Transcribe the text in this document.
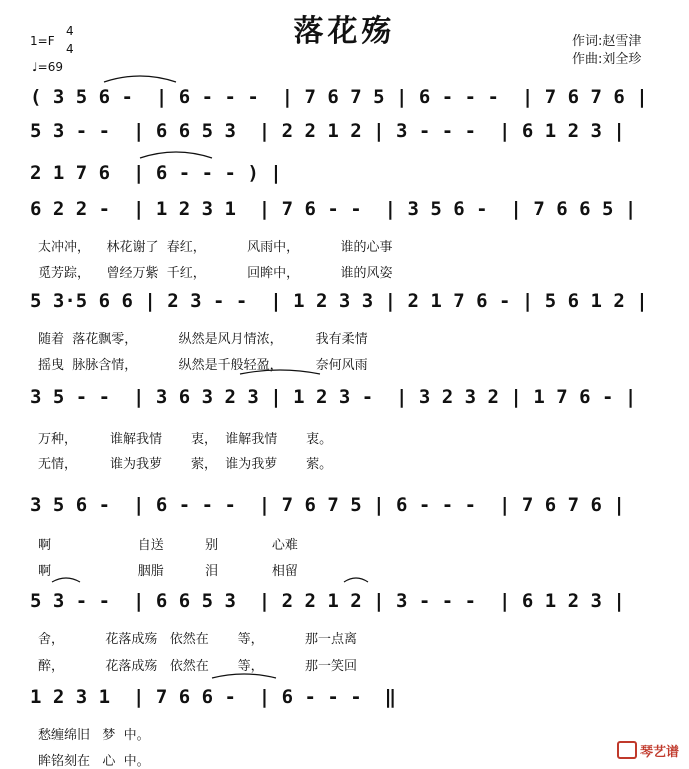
落花殇
1=F
4
4
♩=69
作词:赵雪津
作曲:刘全珍
( 3 5 6 -  | 6 - - -  | 7 6 7 5 | 6 - - -  | 7 6 7 6 |
5 3 - -  | 6 6 5 3  | 2 2 1 2 | 3 - - -  | 6 1 2 3 |
2 1 7 6  | 6 - - - ) |
6 2 2 -  | 1 2 3 1  | 7 6 - -  | 3 5 6 -  | 7 6 6 5 |
太冲冲，    林花谢了  春红，          风雨中，          谁的心事
觅芳踪，    曾经万紫  千红，          回眸中，          谁的风姿
5 3·5 6 6 | 2 3 - -  | 1 2 3 3 | 2 1 7 6 - | 5 6 1 2 |
随着  落花飘零，          纵然是风月情浓，        我有柔情
摇曳  脉脉含情，          纵然是千般轻盈，        奈何风雨
3 5 - -  | 3 6 3 2 3 | 1 2 3 -  | 3 2 3 2 | 1 7 6 - |
万种，        谁解我情       衷，  谁解我情       衷。
无情，        谁为我萝       萦，  谁为我萝       萦。
3 5 6 -  | 6 - - -  | 7 6 7 5 | 6 - - -  | 7 6 7 6 |
啊                     自送          别             心难
啊                     胭脂          泪             相留
5 3 - -  | 6 6 5 3  | 2 2 1 2 | 3 - - -  | 6 1 2 3 |
舍，          花落成殇   依然在       等，          那一点离
醉，          花落成殇   依然在       等，          那一笑回
1 2 3 1  | 7 6 6 -  | 6 - - -  ‖
愁缠绵旧   梦  中。
眸铭刻在   心  中。

琴艺谱
